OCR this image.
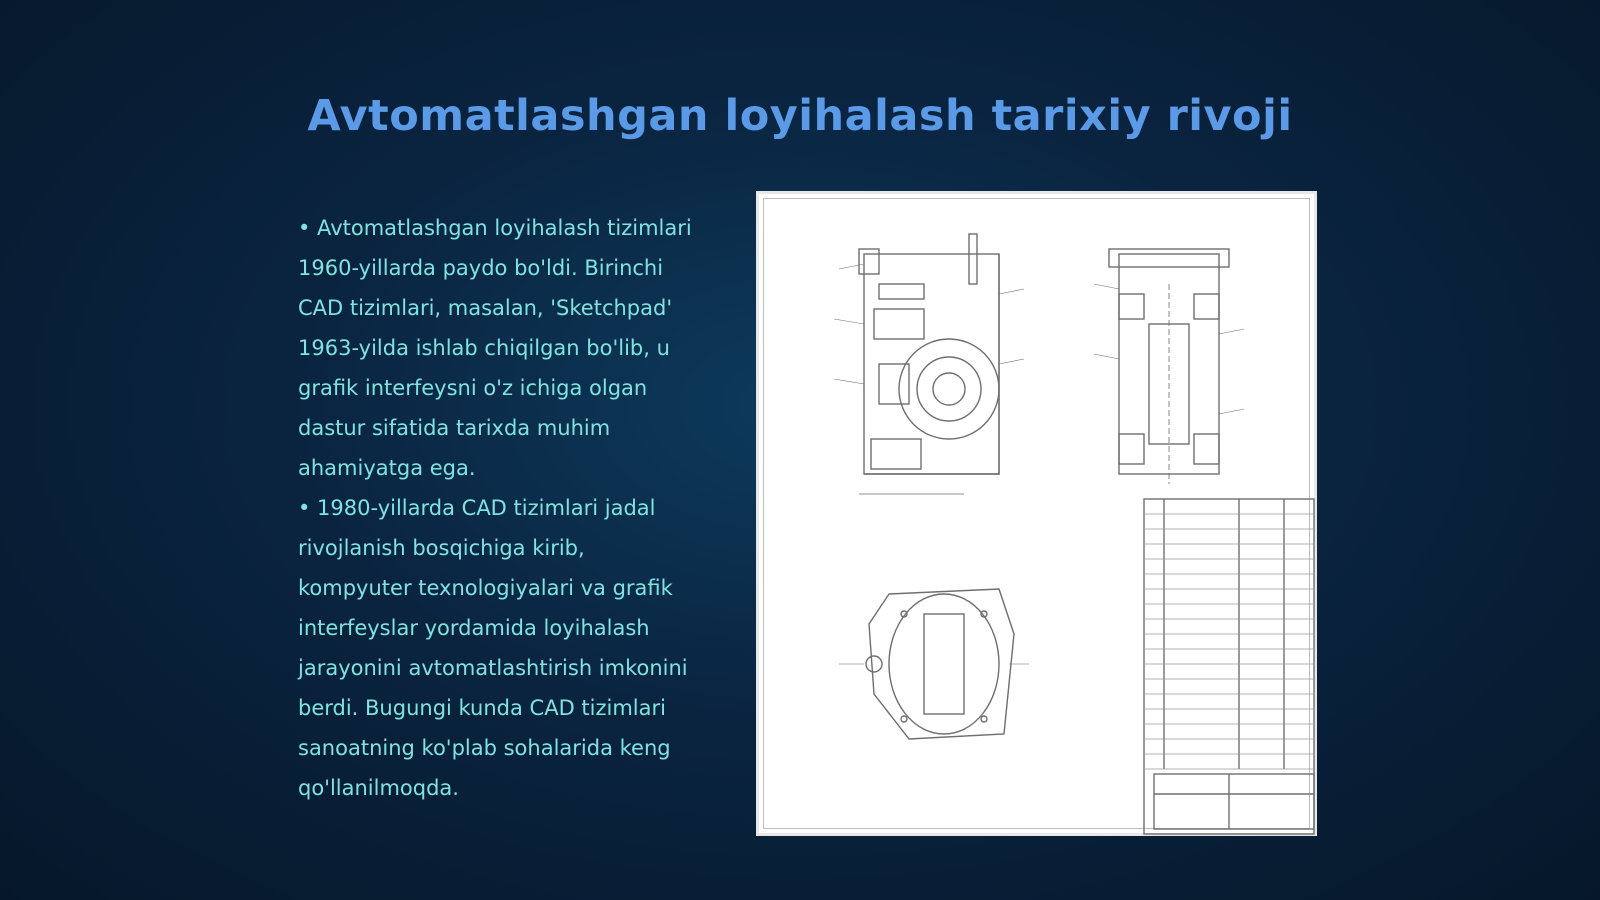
Avtomatlashgan loyihalash tarixiy rivoji

• Avtomatlashgan loyihalash tizimlari 1960-yillarda paydo bo'ldi. Birinchi CAD tizimlari, masalan, 'Sketchpad' 1963-yilda ishlab chiqilgan bo'lib, u grafik interfeysni o'z ichiga olgan dastur sifatida tarixda muhim ahamiyatga ega.

• 1980-yillarda CAD tizimlari jadal rivojlanish bosqichiga kirib, kompyuter texnologiyalari va grafik interfeyslar yordamida loyihalash jarayonini avtomatlashtirish imkonini berdi. Bugungi kunda CAD tizimlari sanoatning ko'plab sohalarida keng qo'llanilmoqda.
